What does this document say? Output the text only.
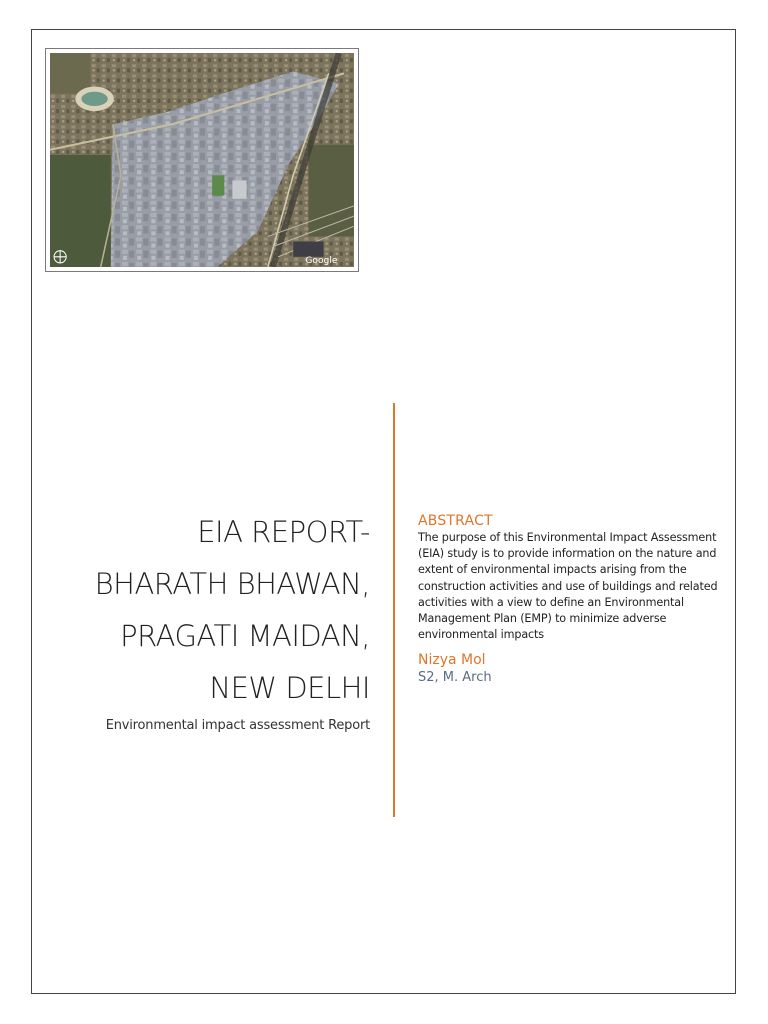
Google
EIA REPORT-
BHARATH BHAWAN,
PRAGATI MAIDAN,
NEW DELHI
Environmental impact assessment Report
ABSTRACT

The purpose of this Environmental Impact Assessment (EIA) study is to provide information on the nature and extent of environmental impacts arising from the construction activities and use of buildings and related activities with a view to define an Environmental Management Plan (EMP) to minimize adverse environmental impacts

Nizya Mol
S2, M. Arch
